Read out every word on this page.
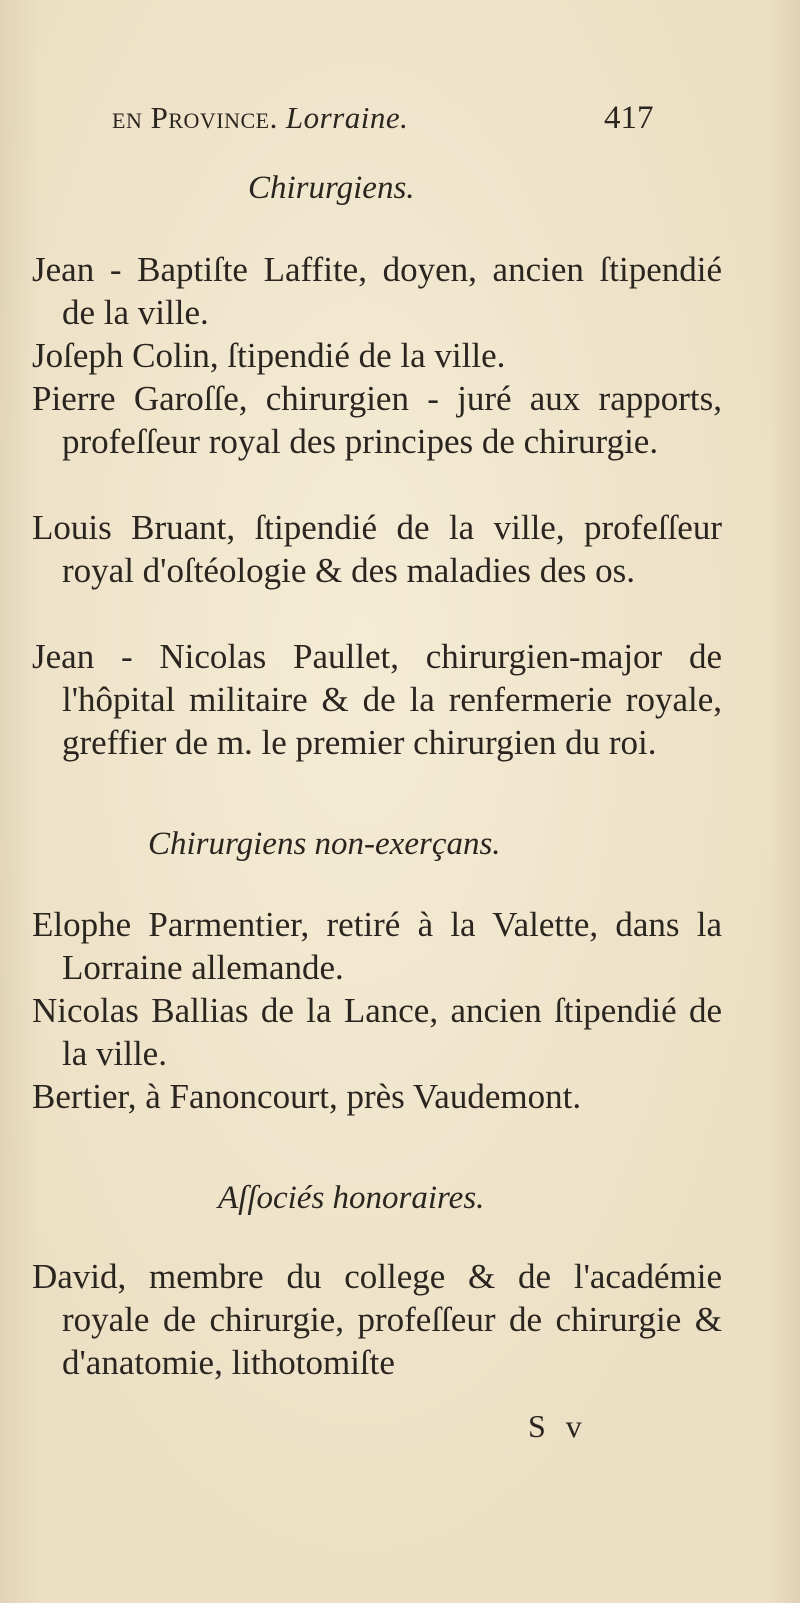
en Province. Lorraine.	417
Chirurgiens.
Jean - Baptiſte Laffite, doyen, ancien ſtipendié de la ville.
Joſeph Colin, ſtipendié de la ville.
Pierre Garoſſe, chirurgien - juré aux rapports, profeſſeur royal des principes de chirurgie.
Louis Bruant, ſtipendié de la ville, profeſſeur royal d'oſtéologie & des maladies des os.
Jean - Nicolas Paullet, chirurgien-major de l'hôpital militaire & de la renfermerie royale, greffier de m. le premier chirurgien du roi.
Chirurgiens non-exerçans.
Elophe Parmentier, retiré à la Valette, dans la Lorraine allemande.
Nicolas Ballias de la Lance, ancien ſtipendié de la ville.
Bertier, à Fanoncourt, près Vaudemont.
Aſſociés honoraires.
David, membre du college & de l'académie royale de chirurgie, profeſſeur de chirurgie & d'anatomie, lithotomiſte
S v
